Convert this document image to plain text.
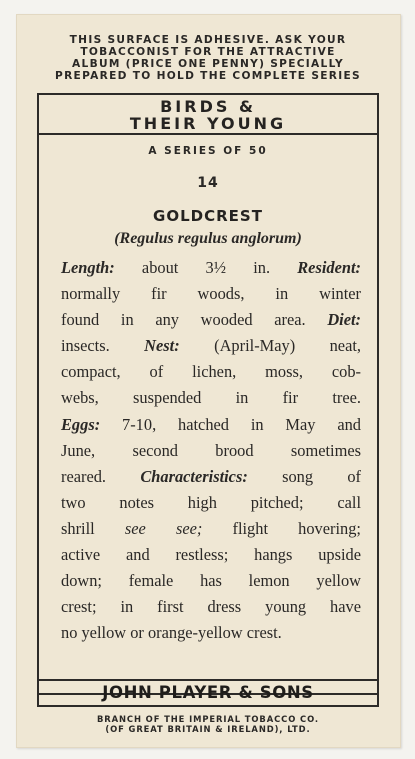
THIS SURFACE IS ADHESIVE. ASK YOUR
TOBACCONIST FOR THE ATTRACTIVE
ALBUM (PRICE ONE PENNY) SPECIALLY
PREPARED TO HOLD THE COMPLETE SERIES
BIRDS &
THEIR YOUNG
A SERIES OF 50
14
GOLDCREST
(Regulus regulus anglorum)
Length: about 3½ in. Resident:
normally fir woods, in winter
found in any wooded area. Diet:
insects. Nest: (April-May) neat,
compact, of lichen, moss, cob-
webs, suspended in fir tree.
Eggs: 7-10, hatched in May and
June, second brood sometimes
reared. Characteristics: song of
two notes high pitched; call
shrill see see; flight hovering;
active and restless; hangs upside
down; female has lemon yellow
crest; in first dress young have
no yellow or orange-yellow crest.
JOHN PLAYER & SONS
BRANCH OF THE IMPERIAL TOBACCO CO.
(OF GREAT BRITAIN & IRELAND), LTD.
